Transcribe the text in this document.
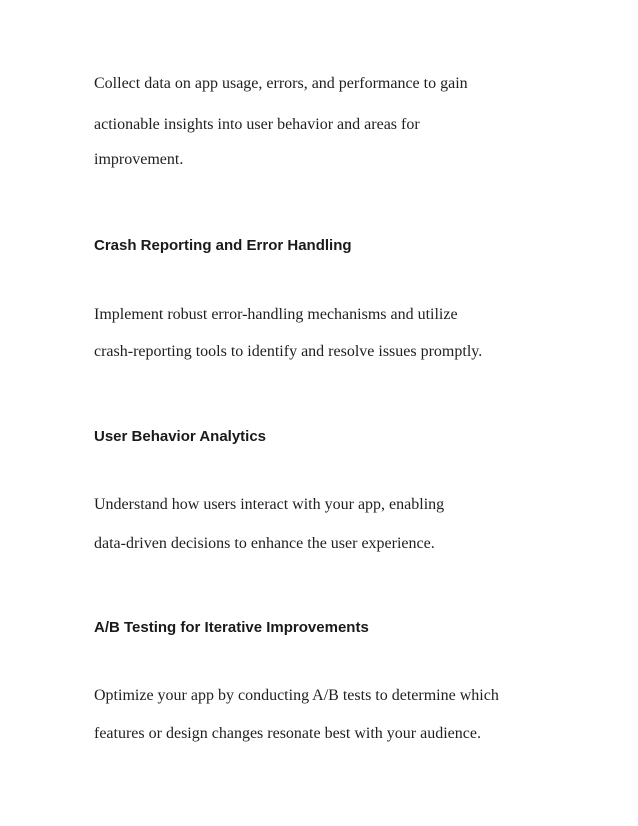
Collect data on app usage, errors, and performance to gain
actionable insights into user behavior and areas for
improvement.
Crash Reporting and Error Handling
Implement robust error-handling mechanisms and utilize
crash-reporting tools to identify and resolve issues promptly.
User Behavior Analytics
Understand how users interact with your app, enabling
data-driven decisions to enhance the user experience.
A/B Testing for Iterative Improvements
Optimize your app by conducting A/B tests to determine which
features or design changes resonate best with your audience.
